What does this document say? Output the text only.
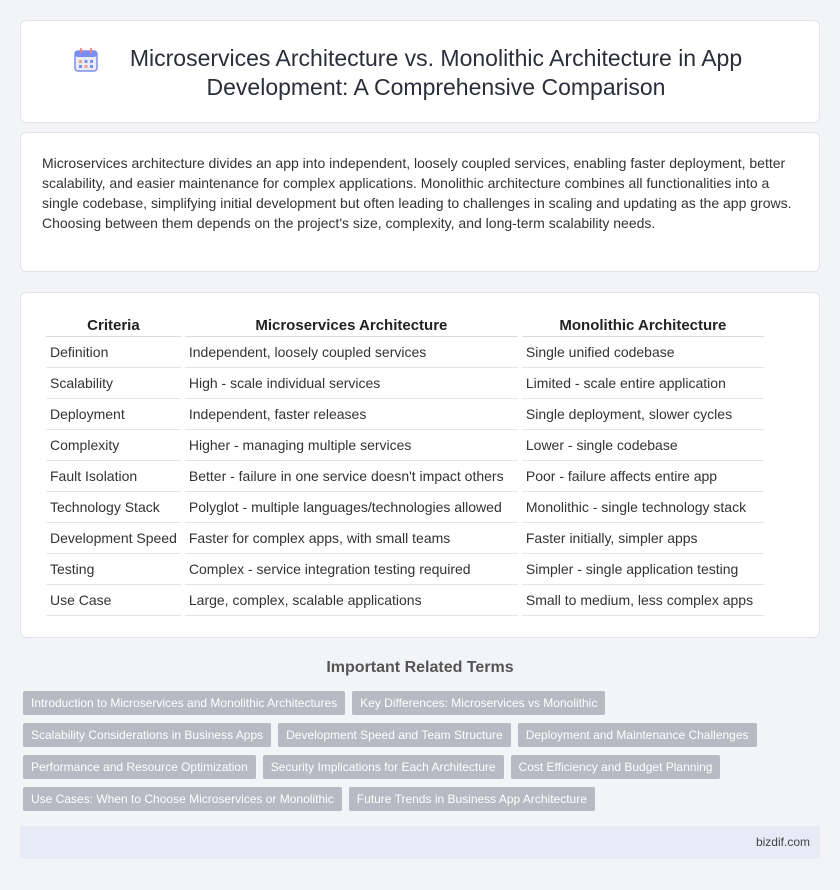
Microservices Architecture vs. Monolithic Architecture in App Development: A Comprehensive Comparison

Microservices architecture divides an app into independent, loosely coupled services, enabling faster deployment, better scalability, and easier maintenance for complex applications. Monolithic architecture combines all functionalities into a single codebase, simplifying initial development but often leading to challenges in scaling and updating as the app grows. Choosing between them depends on the project's size, complexity, and long-term scalability needs.

Criteria	Microservices Architecture	Monolithic Architecture
Definition	Independent, loosely coupled services	Single unified codebase
Scalability	High - scale individual services	Limited - scale entire application
Deployment	Independent, faster releases	Single deployment, slower cycles
Complexity	Higher - managing multiple services	Lower - single codebase
Fault Isolation	Better - failure in one service doesn't impact others	Poor - failure affects entire app
Technology Stack	Polyglot - multiple languages/technologies allowed	Monolithic - single technology stack
Development Speed	Faster for complex apps, with small teams	Faster initially, simpler apps
Testing	Complex - service integration testing required	Simpler - single application testing
Use Case	Large, complex, scalable applications	Small to medium, less complex apps
Important Related Terms
Introduction to Microservices and Monolithic Architectures	Key Differences: Microservices vs Monolithic
Scalability Considerations in Business Apps	Development Speed and Team Structure	Deployment and Maintenance Challenges
Performance and Resource Optimization	Security Implications for Each Architecture	Cost Efficiency and Budget Planning
Use Cases: When to Choose Microservices or Monolithic	Future Trends in Business App Architecture
bizdif.com
